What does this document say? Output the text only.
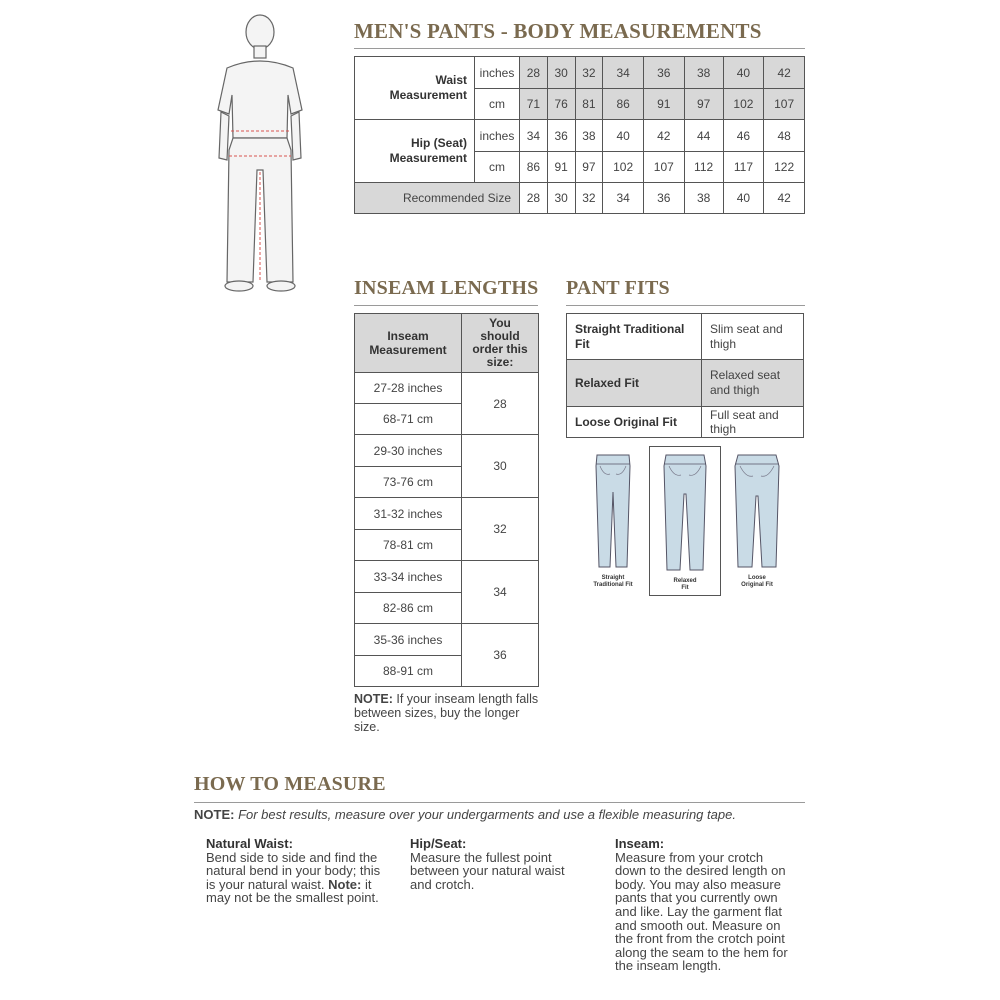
MEN'S PANTS - BODY MEASUREMENTS
Waist Measurement	inches	28	30	32	34	36	38	40	42
	cm	71	76	81	86	91	97	102	107
Hip (Seat) Measurement	inches	34	36	38	40	42	44	46	48
	cm	86	91	97	102	107	112	117	122
Recommended Size		28	30	32	34	36	38	40	42
INSEAM LENGTHS
Inseam Measurement	You should order this size:
27-28 inches	28
68-71 cm	
29-30 inches	30
73-76 cm	
31-32 inches	32
78-81 cm	
33-34 inches	34
82-86 cm	
35-36 inches	36
88-91 cm	
NOTE: If your inseam length falls between sizes, buy the longer size.
PANT FITS
Straight Traditional Fit	Slim seat and thigh
Relaxed Fit	Relaxed seat and thigh
Loose Original Fit	Full seat and thigh
Straight Traditional Fit
Relaxed Fit
Loose Original Fit
HOW TO MEASURE
NOTE: For best results, measure over your undergarments and use a flexible measuring tape.
Natural Waist:
Bend side to side and find the natural bend in your body; this is your natural waist. Note: it may not be the smallest point.
Hip/Seat:
Measure the fullest point between your natural waist and crotch.
Inseam:
Measure from your crotch down to the desired length on body. You may also measure pants that you currently own and like. Lay the garment flat and smooth out. Measure on the front from the crotch point along the seam to the hem for the inseam length.
